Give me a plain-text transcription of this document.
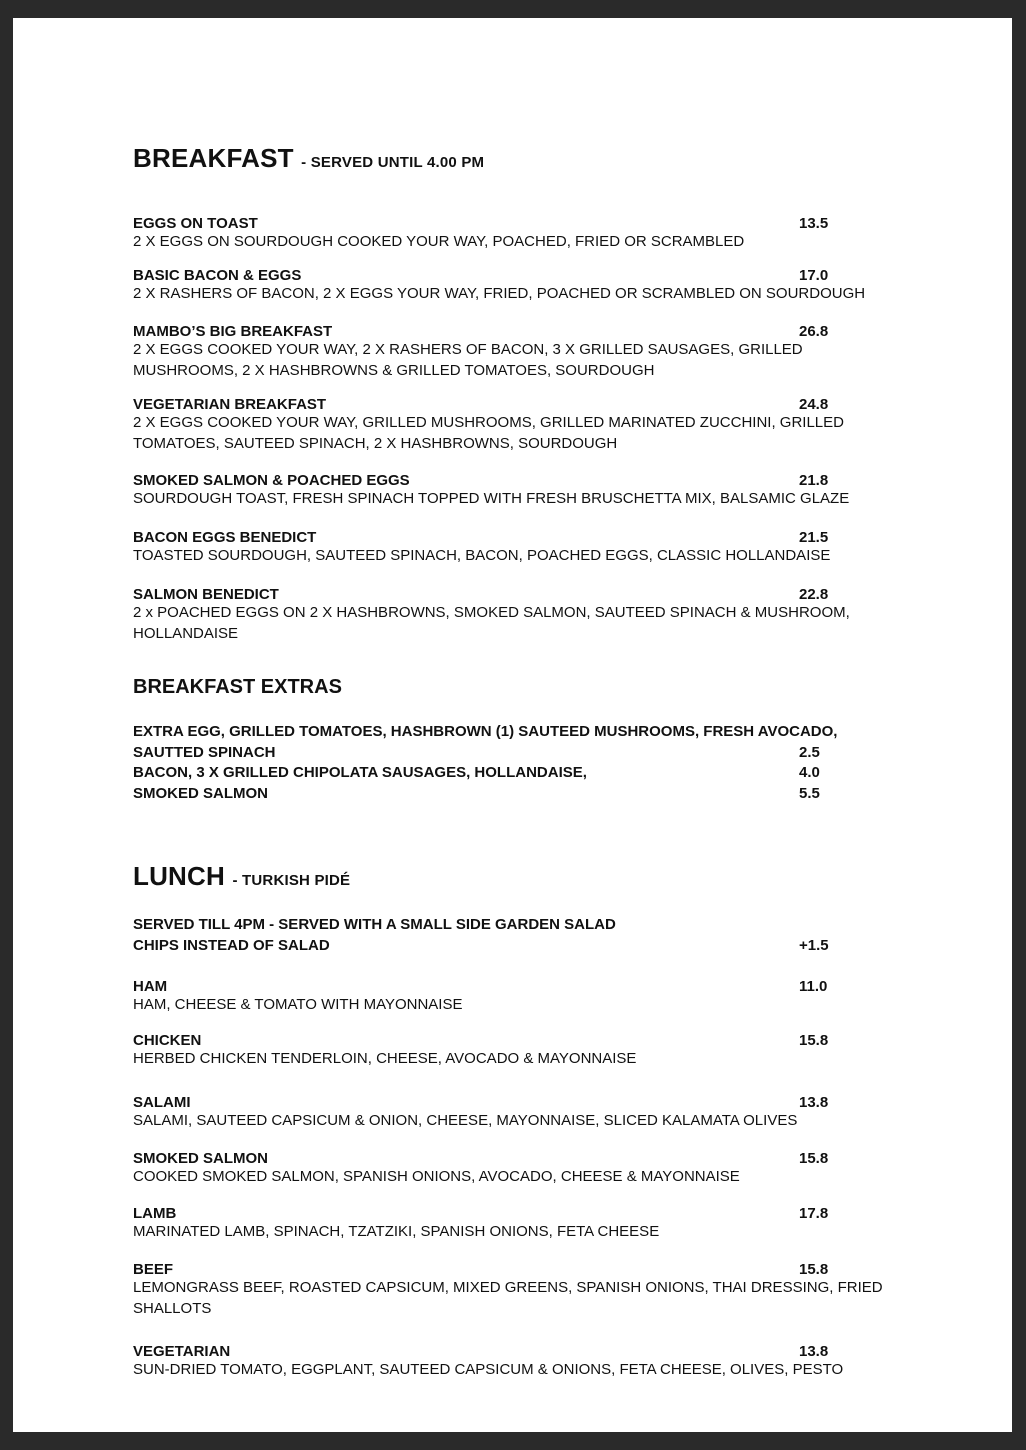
BREAKFAST - SERVED UNTIL 4.00 PM
EGGS ON TOAST	13.5
2 X EGGS ON SOURDOUGH COOKED YOUR WAY, POACHED, FRIED OR SCRAMBLED
BASIC BACON & EGGS	17.0
2 X RASHERS OF BACON, 2 X EGGS YOUR WAY, FRIED, POACHED OR SCRAMBLED ON SOURDOUGH
MAMBO’S BIG BREAKFAST	26.8
2 X EGGS COOKED YOUR WAY, 2 X RASHERS OF BACON, 3 X GRILLED SAUSAGES, GRILLED
MUSHROOMS, 2 X HASHBROWNS & GRILLED TOMATOES, SOURDOUGH
VEGETARIAN BREAKFAST	24.8
2 X EGGS COOKED YOUR WAY, GRILLED MUSHROOMS, GRILLED MARINATED ZUCCHINI, GRILLED
TOMATOES, SAUTEED SPINACH, 2 X HASHBROWNS, SOURDOUGH
SMOKED SALMON & POACHED EGGS	21.8
SOURDOUGH TOAST, FRESH SPINACH TOPPED WITH FRESH BRUSCHETTA MIX, BALSAMIC GLAZE
BACON EGGS BENEDICT	21.5
TOASTED SOURDOUGH, SAUTEED SPINACH, BACON, POACHED EGGS, CLASSIC HOLLANDAISE
SALMON BENEDICT	22.8
2 x POACHED EGGS ON 2 X HASHBROWNS, SMOKED SALMON, SAUTEED SPINACH & MUSHROOM,
HOLLANDAISE
BREAKFAST EXTRAS
EXTRA EGG, GRILLED TOMATOES, HASHBROWN (1) SAUTEED MUSHROOMS, FRESH AVOCADO,
SAUTTED SPINACH	2.5
BACON, 3 X GRILLED CHIPOLATA SAUSAGES, HOLLANDAISE,	4.0
SMOKED SALMON	5.5
LUNCH - TURKISH PIDÉ
SERVED TILL 4PM - SERVED WITH A SMALL SIDE GARDEN SALAD
CHIPS INSTEAD OF SALAD	+1.5
HAM	11.0
HAM, CHEESE & TOMATO WITH MAYONNAISE
CHICKEN	15.8
HERBED CHICKEN TENDERLOIN, CHEESE, AVOCADO & MAYONNAISE
SALAMI	13.8
SALAMI, SAUTEED CAPSICUM & ONION, CHEESE, MAYONNAISE, SLICED KALAMATA OLIVES
SMOKED SALMON	15.8
COOKED SMOKED SALMON, SPANISH ONIONS, AVOCADO, CHEESE & MAYONNAISE
LAMB	17.8
MARINATED LAMB, SPINACH, TZATZIKI, SPANISH ONIONS, FETA CHEESE
BEEF	15.8
LEMONGRASS BEEF, ROASTED CAPSICUM, MIXED GREENS, SPANISH ONIONS, THAI DRESSING, FRIED
SHALLOTS
VEGETARIAN	13.8
SUN-DRIED TOMATO, EGGPLANT, SAUTEED CAPSICUM & ONIONS, FETA CHEESE, OLIVES, PESTO
